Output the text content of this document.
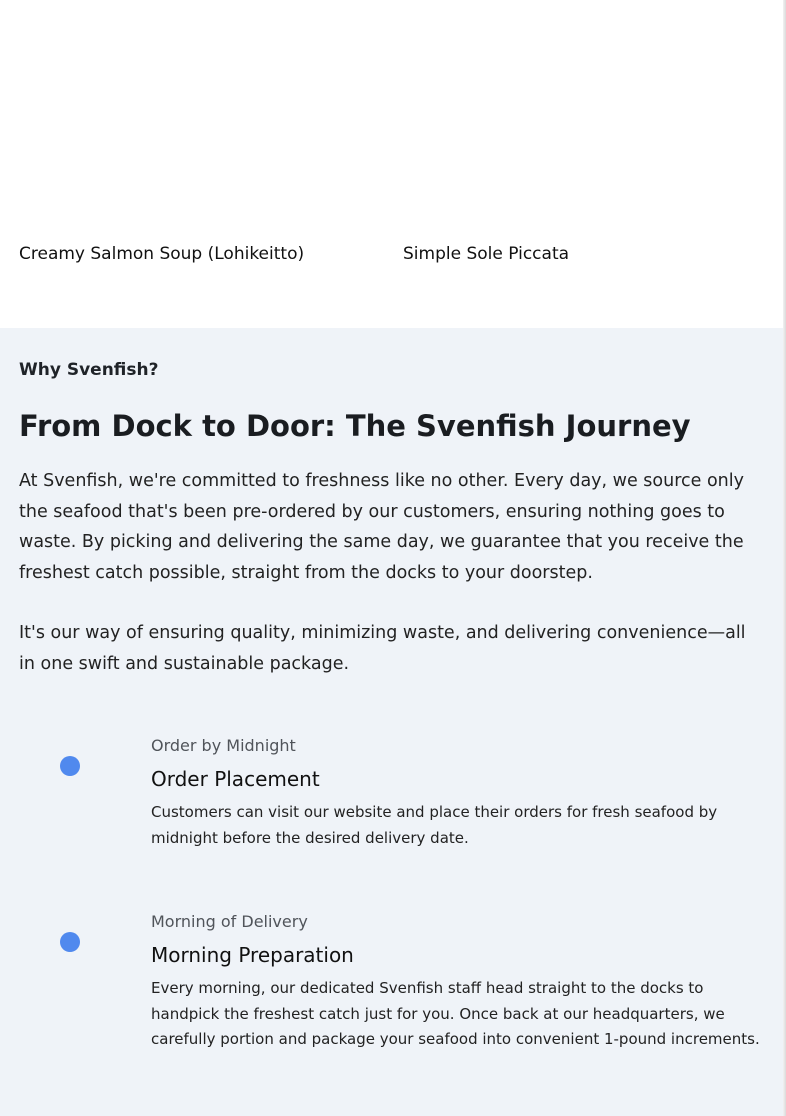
Creamy Salmon Soup (Lohikeitto)	Simple Sole Piccata
Why Svenfish?
From Dock to Door: The Svenfish Journey

At Svenfish, we're committed to freshness like no other. Every day, we source only the seafood that's been pre-ordered by our customers, ensuring nothing goes to waste. By picking and delivering the same day, we guarantee that you receive the freshest catch possible, straight from the docks to your doorstep.

It's our way of ensuring quality, minimizing waste, and delivering convenience—all in one swift and sustainable package.

Order by Midnight
Order Placement

Customers can visit our website and place their orders for fresh seafood by midnight before the desired delivery date.

Morning of Delivery
Morning Preparation

Every morning, our dedicated Svenfish staff head straight to the docks to handpick the freshest catch just for you. Once back at our headquarters, we carefully portion and package your seafood into convenient 1-pound increments.
